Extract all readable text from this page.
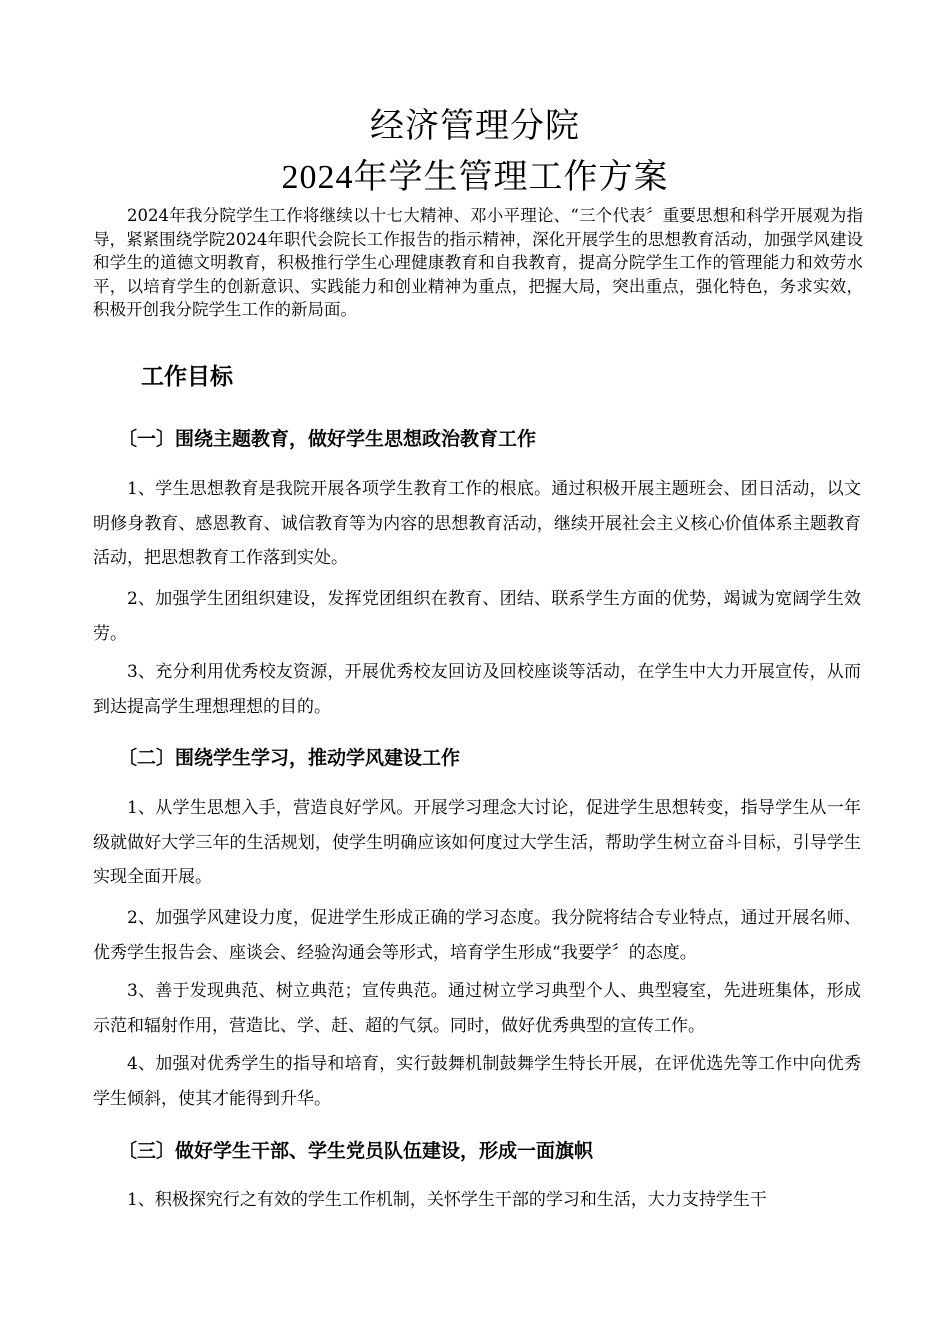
经济管理分院
2024年学生管理工作方案

2024年我分院学生工作将继续以十七大精神、邓小平理论、“三个代表〞重要思想和科学开展观为指导，紧紧围绕学院2024年职代会院长工作报告的指示精神，深化开展学生的思想教育活动，加强学风建设和学生的道德文明教育，积极推行学生心理健康教育和自我教育，提高分院学生工作的管理能力和效劳水平，以培育学生的创新意识、实践能力和创业精神为重点，把握大局，突出重点，强化特色，务求实效，积极开创我分院学生工作的新局面。

工作目标
〔一〕围绕主题教育，做好学生思想政治教育工作

1、学生思想教育是我院开展各项学生教育工作的根底。通过积极开展主题班会、团日活动，以文明修身教育、感恩教育、诚信教育等为内容的思想教育活动，继续开展社会主义核心价值体系主题教育活动，把思想教育工作落到实处。

2、加强学生团组织建设，发挥党团组织在教育、团结、联系学生方面的优势，竭诚为宽阔学生效劳。

3、充分利用优秀校友资源，开展优秀校友回访及回校座谈等活动，在学生中大力开展宣传，从而到达提高学生理想理想的目的。

〔二〕围绕学生学习，推动学风建设工作

1、从学生思想入手，营造良好学风。开展学习理念大讨论，促进学生思想转变，指导学生从一年级就做好大学三年的生活规划，使学生明确应该如何度过大学生活，帮助学生树立奋斗目标，引导学生实现全面开展。

2、加强学风建设力度，促进学生形成正确的学习态度。我分院将结合专业特点，通过开展名师、优秀学生报告会、座谈会、经验沟通会等形式，培育学生形成“我要学〞的态度。

3、善于发现典范、树立典范；宣传典范。通过树立学习典型个人、典型寝室，先进班集体，形成示范和辐射作用，营造比、学、赶、超的气氛。同时，做好优秀典型的宣传工作。

4、加强对优秀学生的指导和培育，实行鼓舞机制鼓舞学生特长开展，在评优选先等工作中向优秀学生倾斜，使其才能得到升华。

〔三〕做好学生干部、学生党员队伍建设，形成一面旗帜

1、积极探究行之有效的学生工作机制，关怀学生干部的学习和生活，大力支持学生干
